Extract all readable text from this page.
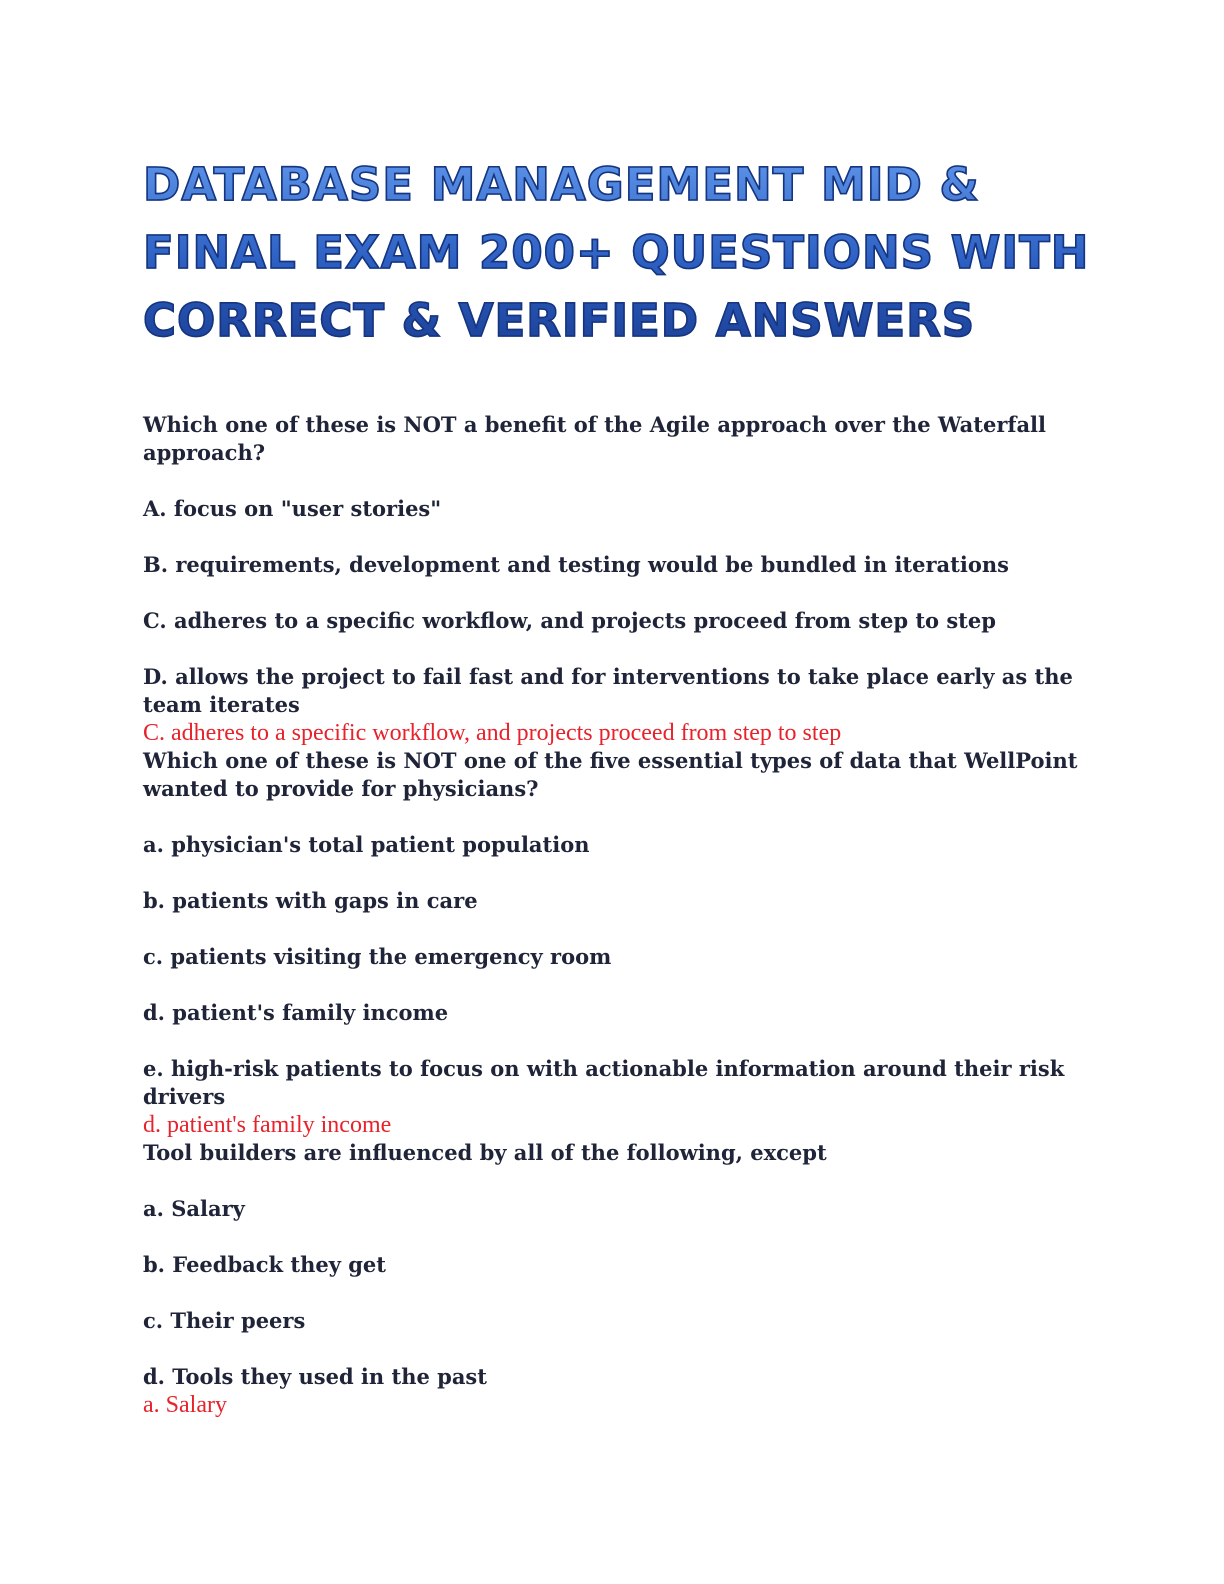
DATABASE MANAGEMENT MID & FINAL EXAM 200+ QUESTIONS WITH CORRECT & VERIFIED ANSWERS

Which one of these is NOT a benefit of the Agile approach over the Waterfall approach?

A. focus on "user stories"

B. requirements, development and testing would be bundled in iterations

C. adheres to a specific workflow, and projects proceed from step to step

D. allows the project to fail fast and for interventions to take place early as the team iterates

C. adheres to a specific workflow, and projects proceed from step to step

Which one of these is NOT one of the five essential types of data that WellPoint wanted to provide for physicians?

a. physician's total patient population

b. patients with gaps in care

c. patients visiting the emergency room

d. patient's family income

e. high-risk patients to focus on with actionable information around their risk drivers

d. patient's family income

Tool builders are influenced by all of the following, except

a. Salary

b. Feedback they get

c. Their peers

d. Tools they used in the past

a. Salary
